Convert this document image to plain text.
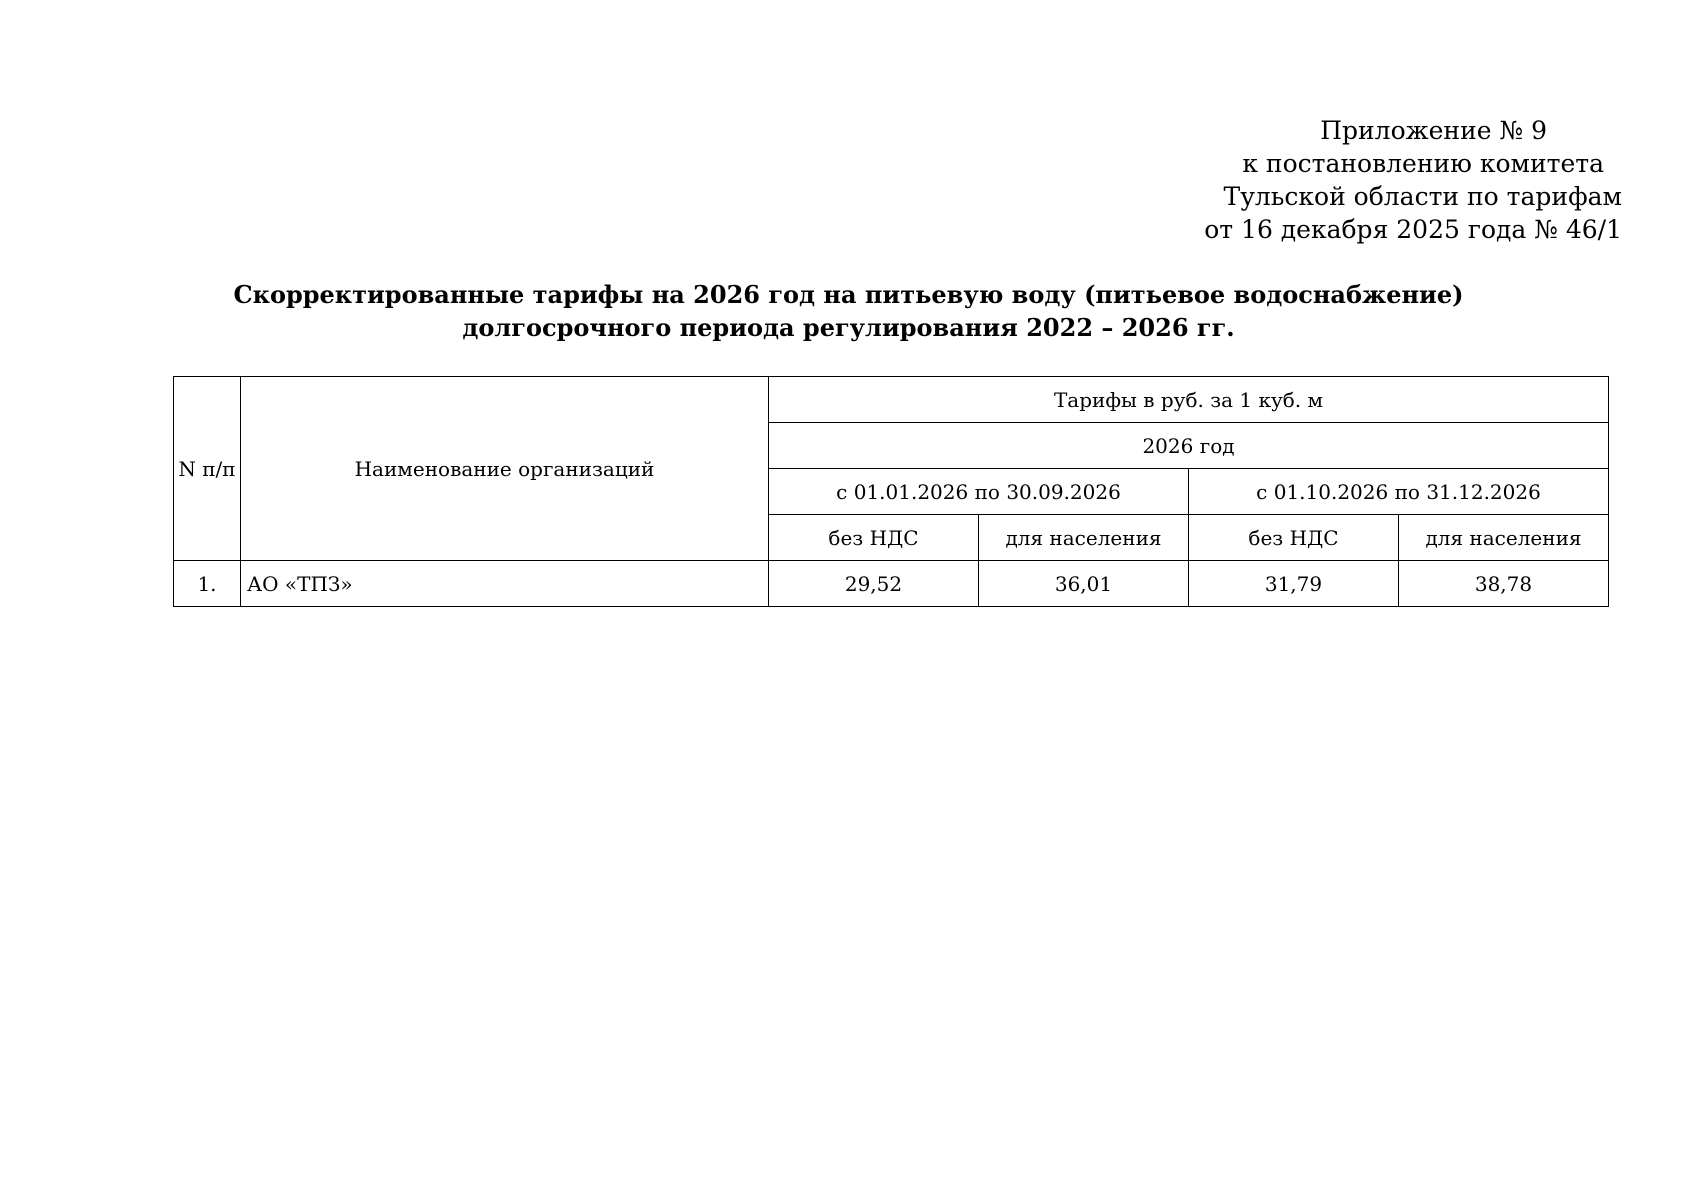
Приложение № 9
к постановлению комитета
Тульской области по тарифам
от 16 декабря 2025 года № 46/1
Скорректированные тарифы на 2026 год на питьевую воду (питьевое водоснабжение)
долгосрочного периода регулирования 2022 – 2026 гг.
N п/п	Наименование организаций	Тарифы в руб. за 1 куб. м			
		2026 год			
		с 01.01.2026 по 30.09.2026		с 01.10.2026 по 31.12.2026	
		без НДС	для населения	без НДС	для населения
1.	АО «ТПЗ»	29,52	36,01	31,79	38,78
